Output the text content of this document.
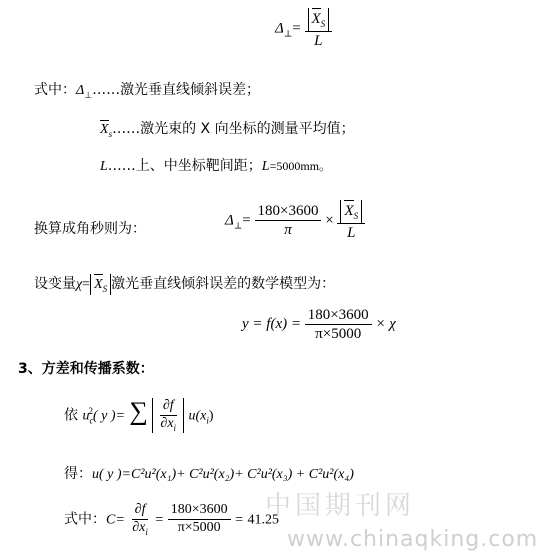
$\Delta_\perp= \frac{X_S}{L}$
式中：$\Delta_\perp\dots\dots$激光垂直线倾斜误差；
$X_s\dots\dots$激光束的 X 向坐标的测量平均值；
L……上、中坐标靶间距；L=5000mm。
换算成角秒则为：
$\Delta_\perp= \frac{180\times 3600}{\pi} \times \frac{X_S}{L}$
设变量$\chi= X_S$ 激光垂直线倾斜误差的数学模型为：
$y = f(x) = \frac{180\times 3600}{\pi\times 5000} \times \chi$
3、方差和传播系数：
依 $u_c^2$( y )= ∑ $\frac{\partial f}{\partial x_i} u(x_i)$
得：u( y )=C²u²(x₁)+ C²u²(x₂)+ C²u²(x₃) + C²u²(x₄)
式中：$C= \frac{\partial f}{\partial x_i} = \frac{180\times 3600}{\pi\times 5000} = 41.25$
中国期刊网
www.chinaqking.com
